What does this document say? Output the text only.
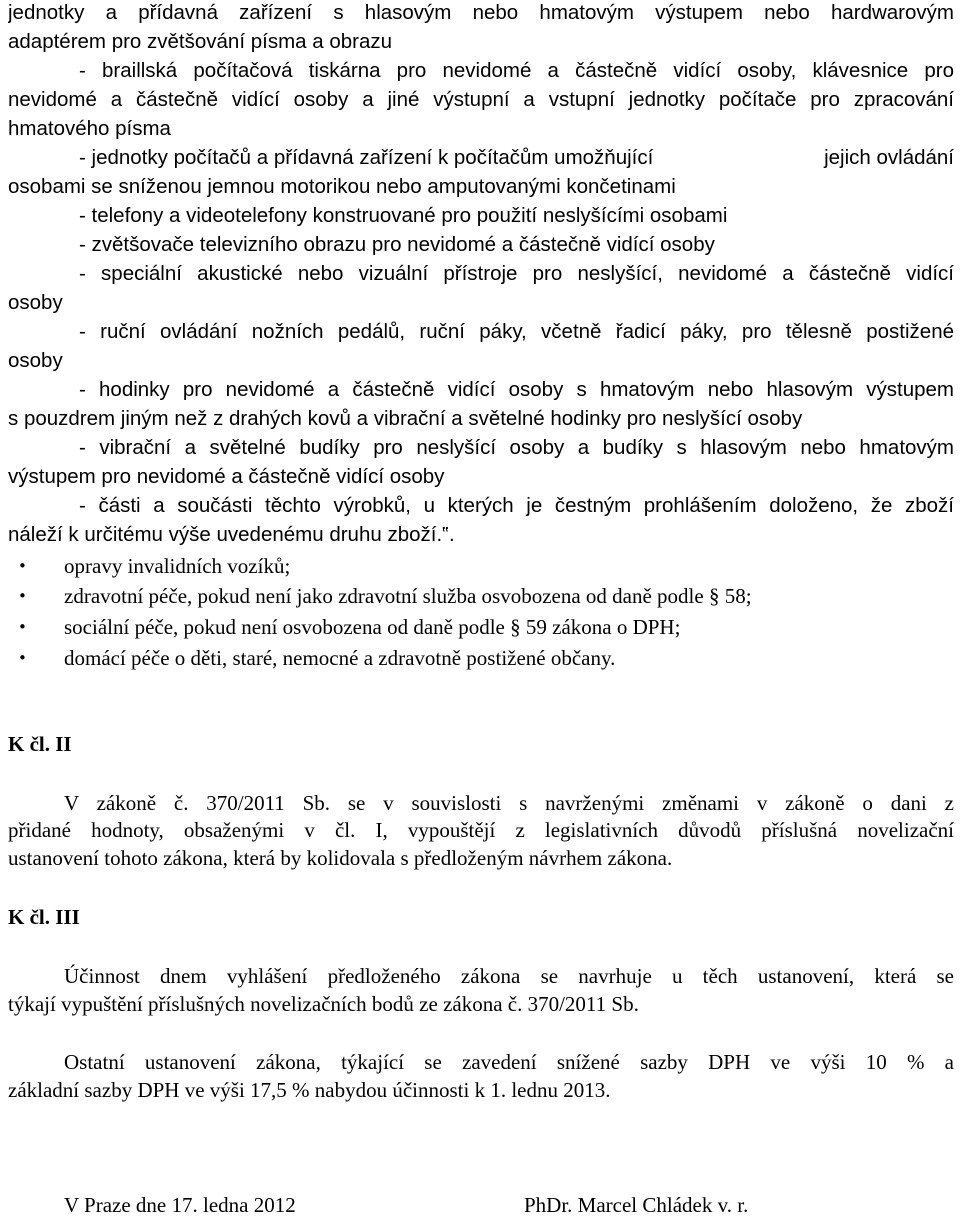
jednotky a přídavná zařízení s hlasovým nebo hmatovým výstupem nebo hardwarovým
adaptérem pro zvětšování písma a obrazu
- braillská počítačová tiskárna pro nevidomé a částečně vidící osoby, klávesnice pro
nevidomé a částečně vidící osoby a jiné výstupní a vstupní jednotky počítače pro zpracování
hmatového písma
- jednotky počítačů a přídavná zařízení k počítačům umožňující	jejich ovládání
osobami se sníženou jemnou motorikou nebo amputovanými končetinami
- telefony a videotelefony konstruované pro použití neslyšícími osobami
- zvětšovače televizního obrazu pro nevidomé a částečně vidící osoby
- speciální akustické nebo vizuální přístroje pro neslyšící, nevidomé a částečně vidící
osoby
- ruční ovládání nožních pedálů, ruční páky, včetně řadicí páky, pro tělesně postižené
osoby
- hodinky pro nevidomé a částečně vidící osoby s hmatovým nebo hlasovým výstupem
s pouzdrem jiným než z drahých kovů a vibrační a světelné hodinky pro neslyšící osoby
- vibrační a světelné budíky pro neslyšící osoby a budíky s hlasovým nebo hmatovým
výstupem pro nevidomé a částečně vidící osoby
- části a součásti těchto výrobků, u kterých je čestným prohlášením doloženo, že zboží
náleží k určitému výše uvedenému druhu zboží.‟.
• opravy invalidních vozíků;
• zdravotní péče, pokud není jako zdravotní služba osvobozena od daně podle § 58;
• sociální péče, pokud není osvobozena od daně podle § 59 zákona o DPH;
• domácí péče o děti, staré, nemocné a zdravotně postižené občany.
K čl. II
V zákoně č. 370/2011 Sb. se v souvislosti s navrženými změnami v zákoně o dani z
přidané hodnoty, obsaženými v čl. I, vypouštějí z legislativních důvodů příslušná novelizační
ustanovení tohoto zákona, která by kolidovala s předloženým návrhem zákona.
K čl. III
Účinnost dnem vyhlášení předloženého zákona se navrhuje u těch ustanovení, která se
týkají vypuštění příslušných novelizačních bodů ze zákona č. 370/2011 Sb.
Ostatní ustanovení zákona, týkající se zavedení snížené sazby DPH ve výši 10 % a
základní sazby DPH ve výši 17,5 % nabydou účinnosti k 1. lednu 2013.
V Praze dne 17. ledna 2012	PhDr. Marcel Chládek v. r.
